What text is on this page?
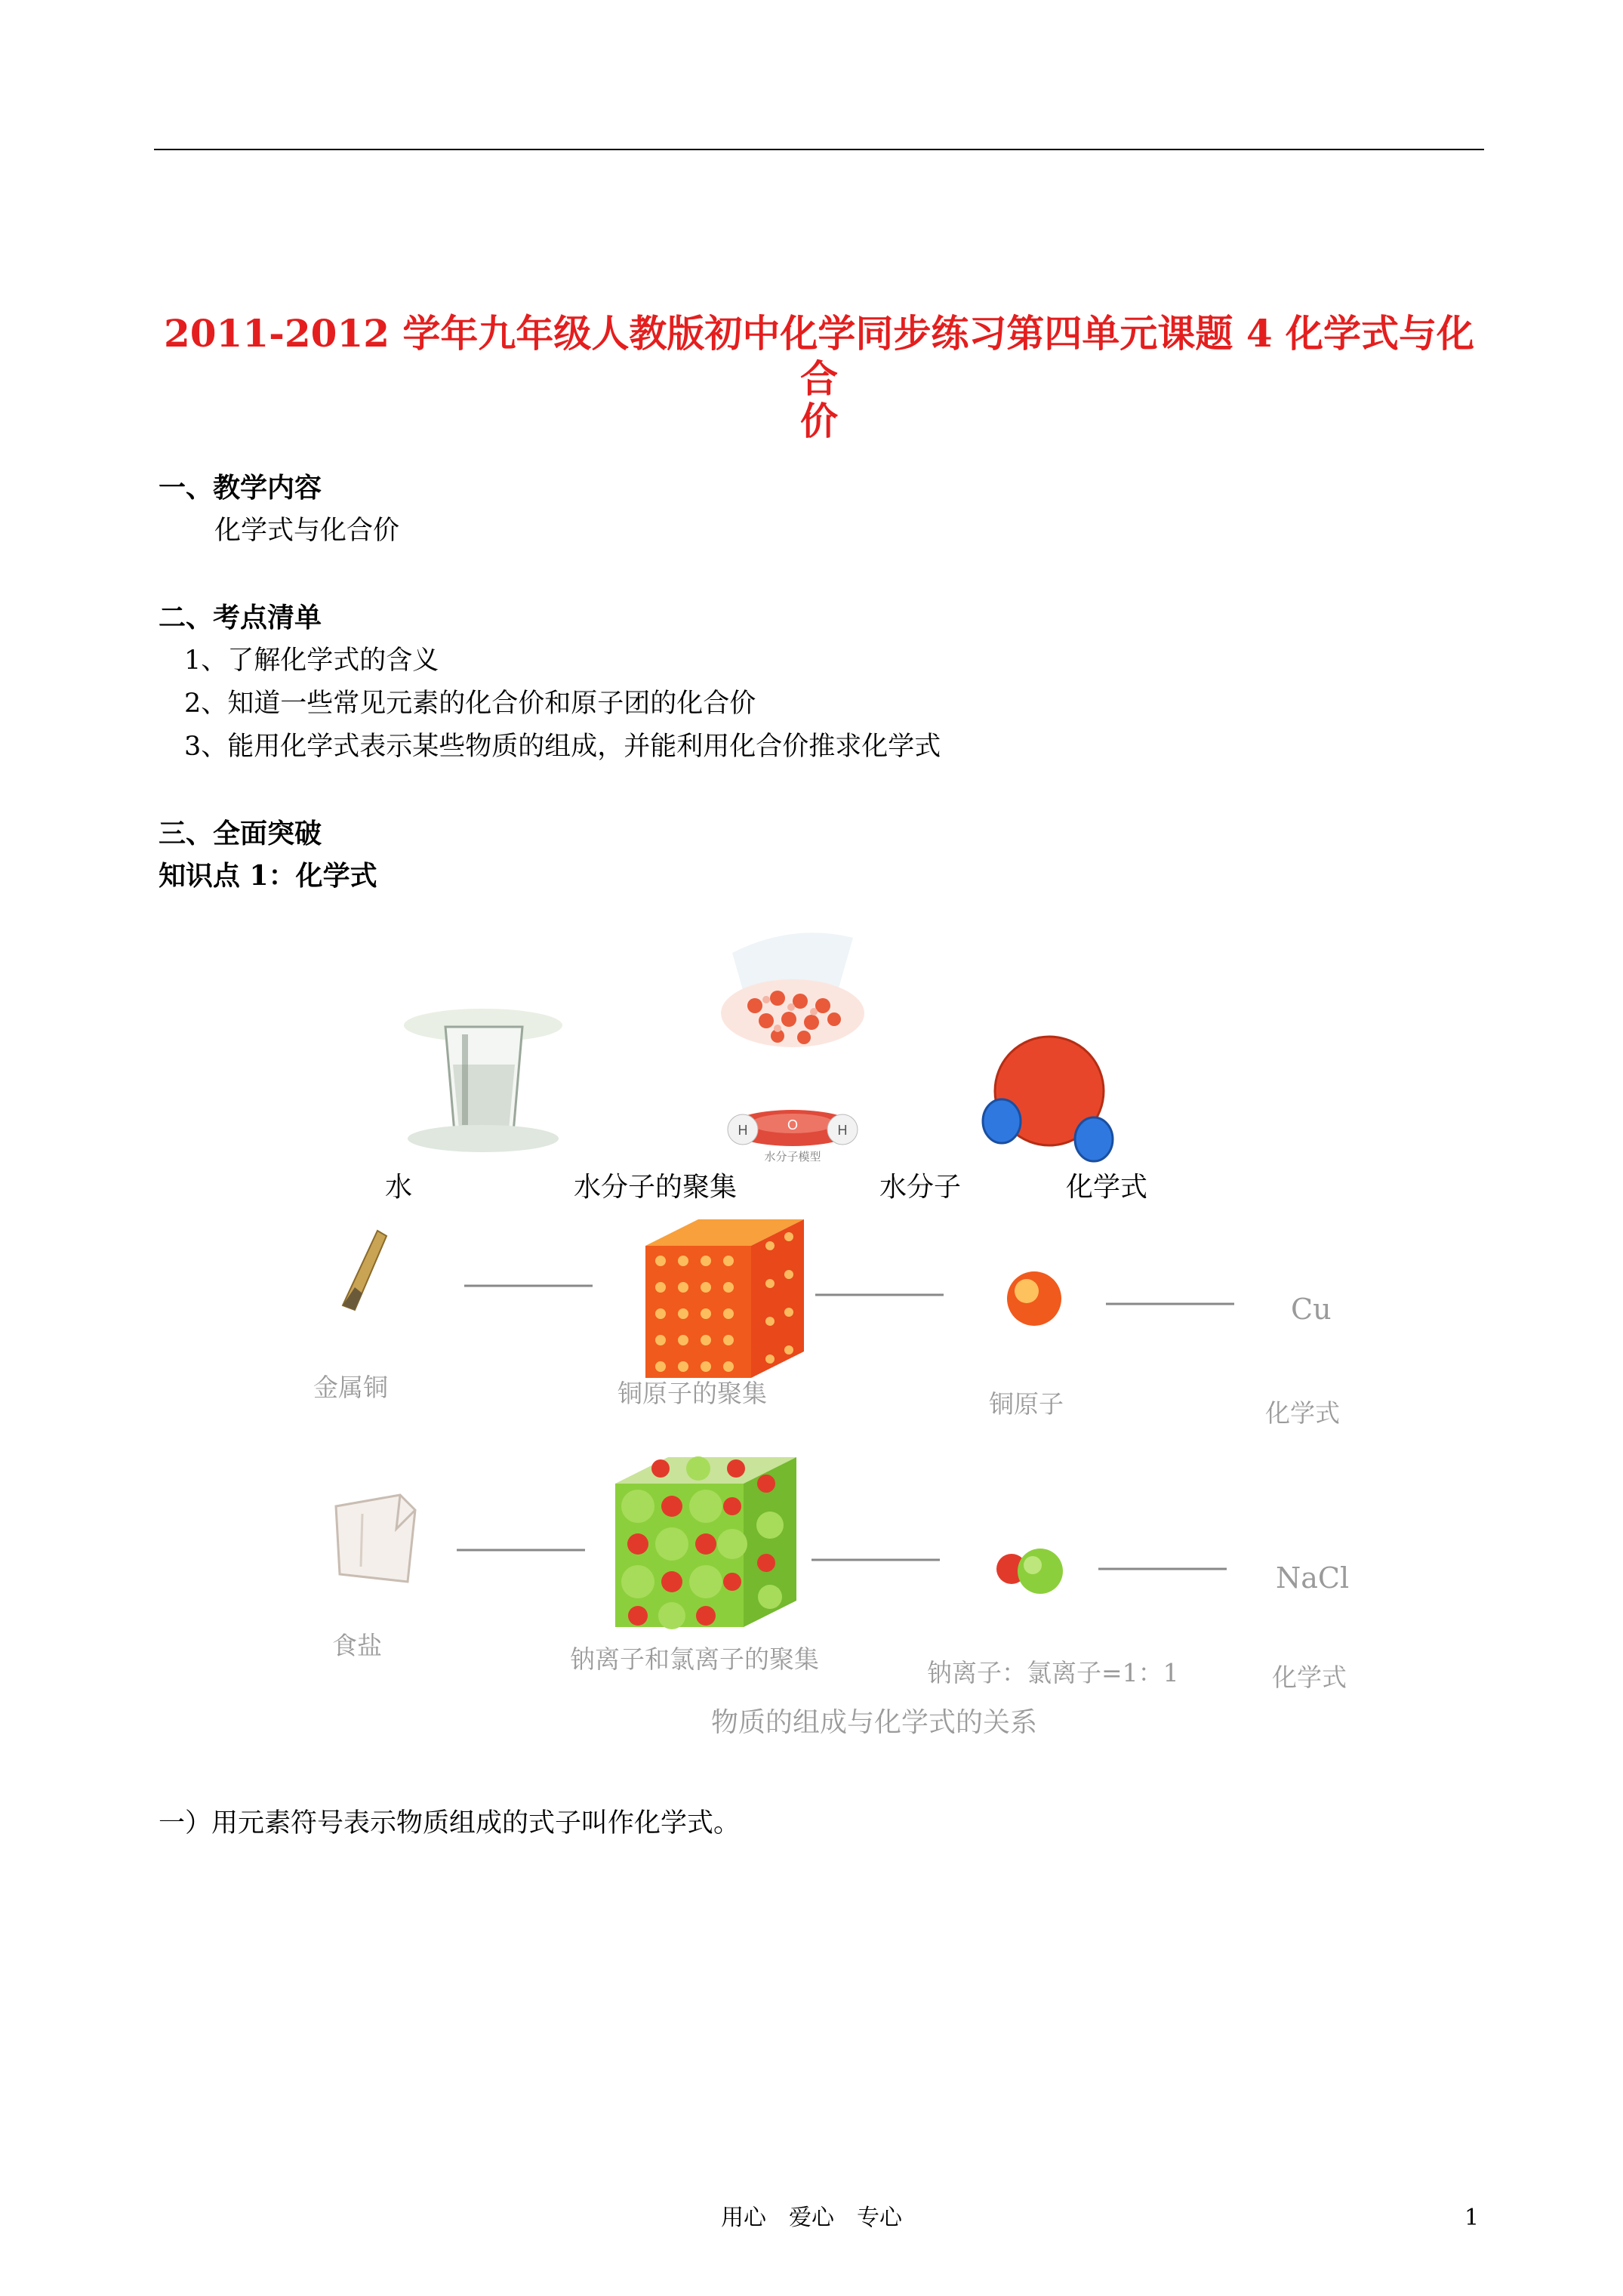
2011-2012 学年九年级人教版初中化学同步练习第四单元课题 4 化学式与化合
价
一、教学内容
化学式与化合价
二、考点清单
1、了解化学式的含义
2、知道一些常见元素的化合价和原子团的化合价
3、能用化学式表示某些物质的组成，并能利用化合价推求化学式
三、全面突破
知识点 1：化学式
H	O	H
水分子模型
水	水分子的聚集	水分子	化学式
Cu
金属铜	铜原子的聚集	铜原子	化学式
NaCl
食盐	钠离子和氯离子的聚集	钠离子：氯离子=1：1	化学式
物质的组成与化学式的关系
一）用元素符号表示物质组成的式子叫作化学式。
用心　爱心　专心	1
